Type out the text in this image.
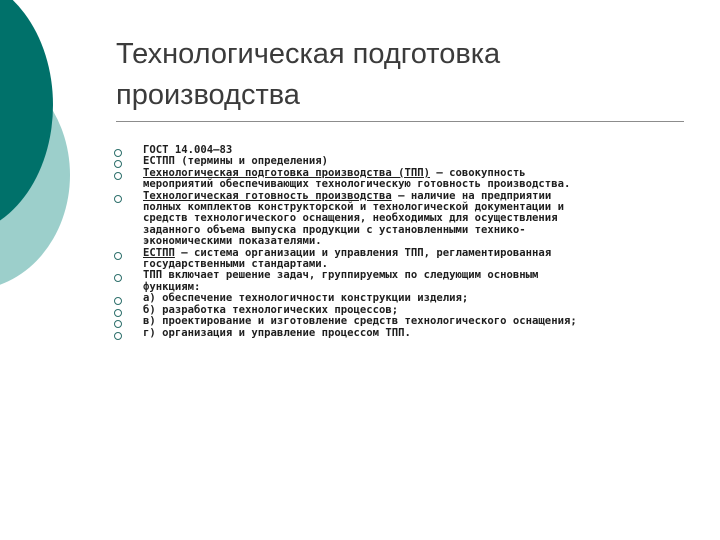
Технологическая подготовка
производства
ГОСТ 14.004–83
ЕСТПП (термины и определения)
Технологическая подготовка производства (ТПП) – совокупность
мероприятий обеспечивающих технологическую готовность производства.
Технологическая готовность производства – наличие на предприятии
полных комплектов конструкторской и технологической документации и
средств технологического оснащения, необходимых для осуществления
заданного объема выпуска продукции с установленными технико-
экономическими показателями.
ЕСТПП – система организации и управления ТПП, регламентированная
государственными стандартами.
ТПП включает решение задач, группируемых по следующим основным
функциям:
а) обеспечение технологичности конструкции изделия;
б) разработка технологических процессов;
в) проектирование и изготовление средств технологического оснащения;
г) организация и управление процессом ТПП.
